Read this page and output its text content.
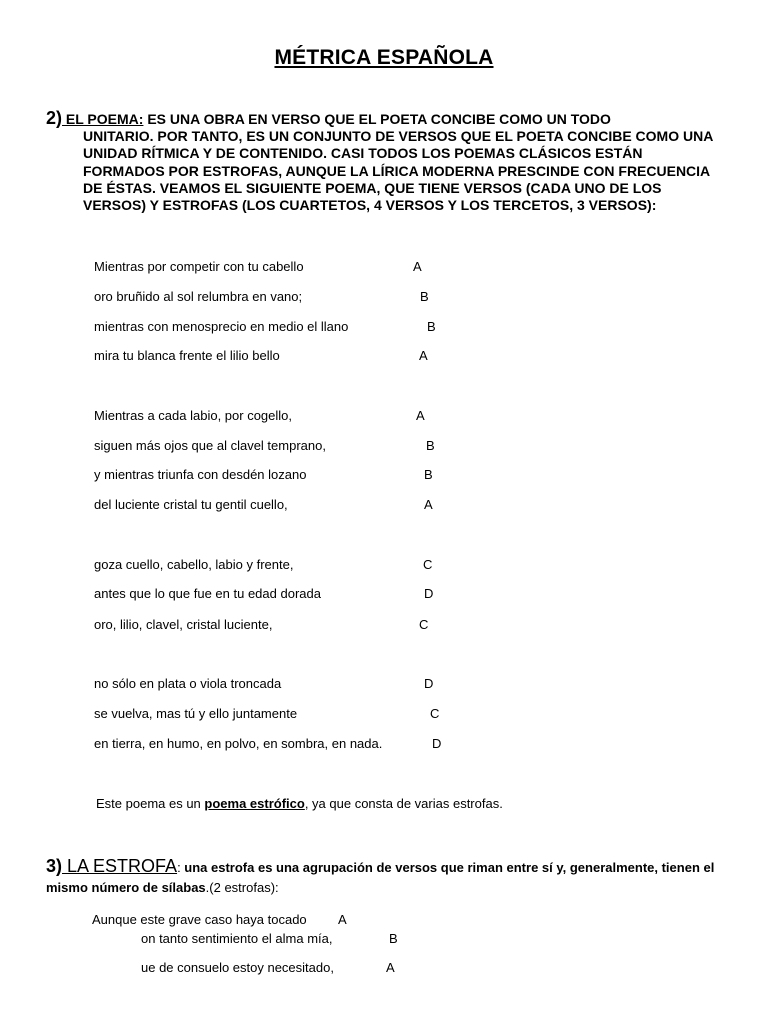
MÉTRICA ESPAÑOLA
2) EL POEMA: ES UNA OBRA EN VERSO QUE EL POETA CONCIBE COMO UN TODO
UNITARIO. POR TANTO, ES UN CONJUNTO DE VERSOS QUE EL POETA CONCIBE COMO UNA UNIDAD RÍTMICA Y DE CONTENIDO. CASI TODOS LOS POEMAS CLÁSICOS ESTÁN FORMADOS POR ESTROFAS, AUNQUE LA LÍRICA MODERNA PRESCINDE CON FRECUENCIA DE ÉSTAS. VEAMOS EL SIGUIENTE POEMA, QUE TIENE VERSOS (CADA UNO DE LOS VERSOS) Y ESTROFAS (LOS CUARTETOS, 4 VERSOS Y LOS TERCETOS, 3 VERSOS):
Mientras por competir con tu cabello	A
oro bruñido al sol relumbra en vano;	B
mientras con menosprecio en medio el llano	B
mira tu blanca frente el lilio bello	A
Mientras a cada labio, por cogello,	A
siguen más ojos que al clavel temprano,	B
y mientras triunfa con desdén lozano	B
del luciente cristal tu gentil cuello,	A
goza cuello, cabello, labio y frente,	C
antes que lo que fue en tu edad dorada	D
oro, lilio, clavel, cristal luciente,	C
no sólo en plata o viola troncada	D
se vuelva, mas tú y ello juntamente	C
en tierra, en humo, en polvo, en sombra, en nada.	D
Este poema es un poema estrófico, ya que consta de varias estrofas.
3) LA ESTROFA: una estrofa es una agrupación de versos que riman entre sí y, generalmente, tienen el mismo número de sílabas.(2 estrofas):
Aunque este grave caso haya tocado A
on tanto sentimiento el alma mía,	B
ue de consuelo estoy necesitado,	A
